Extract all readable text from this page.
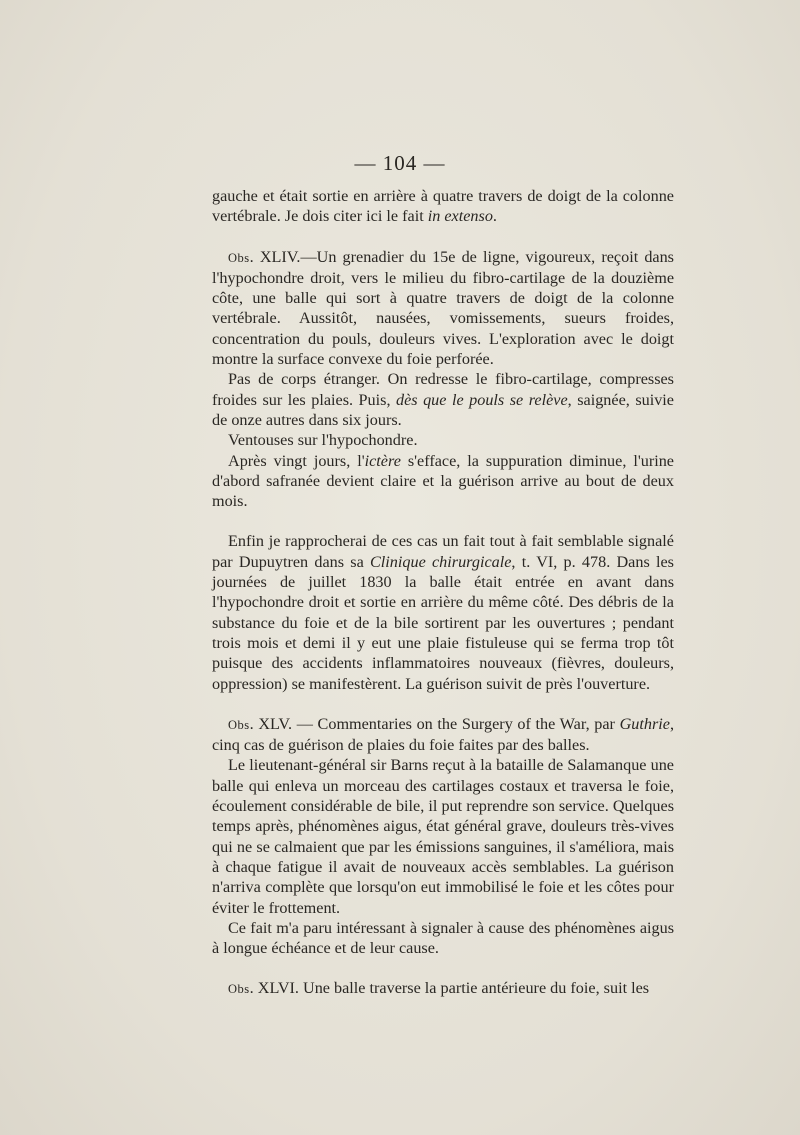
— 104 —

gauche et était sortie en arrière à quatre travers de doigt de la colonne vertébrale. Je dois citer ici le fait in extenso.

Obs. XLIV.—Un grenadier du 15e de ligne, vigoureux, reçoit dans l'hypochondre droit, vers le milieu du fibro-cartilage de la douzième côte, une balle qui sort à quatre travers de doigt de la colonne vertébrale. Aussitôt, nausées, vomissements, sueurs froides, concentration du pouls, douleurs vives. L'exploration avec le doigt montre la surface convexe du foie perforée.

Pas de corps étranger. On redresse le fibro-cartilage, compresses froides sur les plaies. Puis, dès que le pouls se relève, saignée, suivie de onze autres dans six jours.

Ventouses sur l'hypochondre.

Après vingt jours, l'ictère s'efface, la suppuration diminue, l'urine d'abord safranée devient claire et la guérison arrive au bout de deux mois.

Enfin je rapprocherai de ces cas un fait tout à fait semblable signalé par Dupuytren dans sa Clinique chirurgicale, t. VI, p. 478. Dans les journées de juillet 1830 la balle était entrée en avant dans l'hypochondre droit et sortie en arrière du même côté. Des débris de la substance du foie et de la bile sortirent par les ouvertures ; pendant trois mois et demi il y eut une plaie fistuleuse qui se ferma trop tôt puisque des accidents inflammatoires nouveaux (fièvres, douleurs, oppression) se manifestèrent. La guérison suivit de près l'ouverture.

Obs. XLV. — Commentaries on the Surgery of the War, par Guthrie, cinq cas de guérison de plaies du foie faites par des balles.

Le lieutenant-général sir Barns reçut à la bataille de Salamanque une balle qui enleva un morceau des cartilages costaux et traversa le foie, écoulement considérable de bile, il put reprendre son service. Quelques temps après, phénomènes aigus, état général grave, douleurs très-vives qui ne se calmaient que par les émissions sanguines, il s'améliora, mais à chaque fatigue il avait de nouveaux accès semblables. La guérison n'arriva complète que lorsqu'on eut immobilisé le foie et les côtes pour éviter le frottement.

Ce fait m'a paru intéressant à signaler à cause des phénomènes aigus à longue échéance et de leur cause.

Obs. XLVI. Une balle traverse la partie antérieure du foie, suit les
